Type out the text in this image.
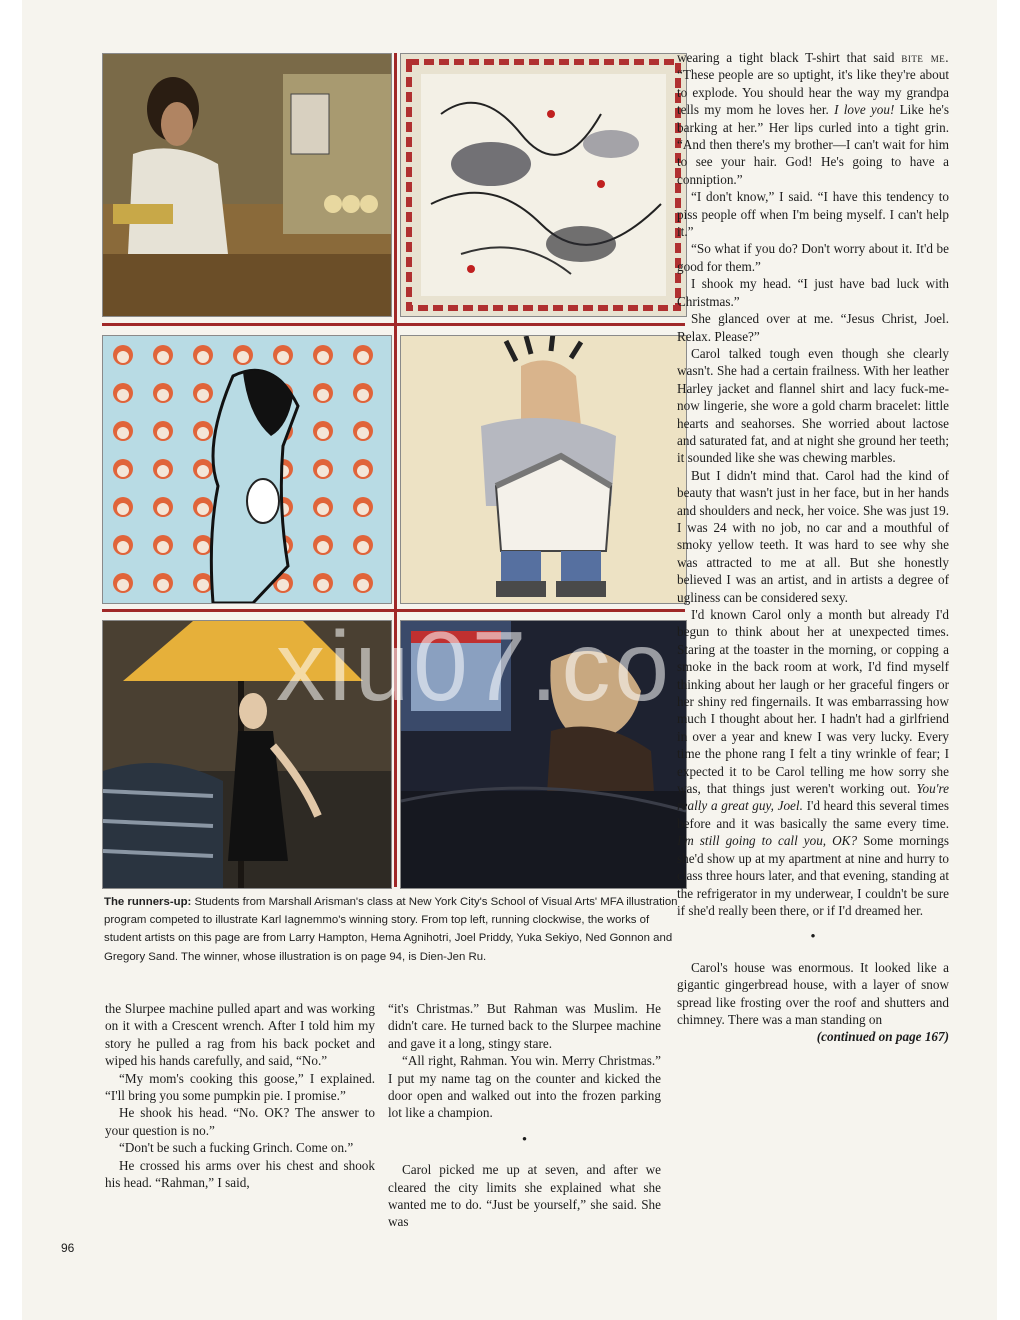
xiu07.co
The runners-up: Students from Marshall Arisman's class at New York City's School of Visual Arts' MFA illustration program competed to illustrate Karl Iagnemmo's winning story. From top left, running clockwise, the works of student artists on this page are from Larry Hampton, Hema Agnihotri, Joel Priddy, Yuka Sekiyo, Ned Gonnon and Gregory Sand. The winner, whose illustration is on page 94, is Dien-Jen Ru.

the Slurpee machine pulled apart and was working on it with a Crescent wrench. After I told him my story he pulled a rag from his back pocket and wiped his hands carefully, and said, “No.”

“My mom's cooking this goose,” I explained. “I'll bring you some pumpkin pie. I promise.”

He shook his head. “No. OK? The answer to your question is no.”

“Don't be such a fucking Grinch. Come on.”

He crossed his arms over his chest and shook his head. “Rahman,” I said,

“it's Christmas.” But Rahman was Muslim. He didn't care. He turned back to the Slurpee machine and gave it a long, stingy stare.

“All right, Rahman. You win. Merry Christmas.” I put my name tag on the counter and kicked the door open and walked out into the frozen parking lot like a champion.

•

Carol picked me up at seven, and after we cleared the city limits she explained what she wanted me to do. “Just be yourself,” she said. She was

wearing a tight black T-shirt that said bite me. “These people are so uptight, it's like they're about to explode. You should hear the way my grandpa tells my mom he loves her. I love you! Like he's barking at her.” Her lips curled into a tight grin. “And then there's my brother—I can't wait for him to see your hair. God! He's going to have a conniption.”

“I don't know,” I said. “I have this tendency to piss people off when I'm being myself. I can't help it.”

“So what if you do? Don't worry about it. It'd be good for them.”

I shook my head. “I just have bad luck with Christmas.”

She glanced over at me. “Jesus Christ, Joel. Relax. Please?”

Carol talked tough even though she clearly wasn't. She had a certain frailness. With her leather Harley jacket and flannel shirt and lacy fuck-me-now lingerie, she wore a gold charm bracelet: little hearts and seahorses. She worried about lactose and saturated fat, and at night she ground her teeth; it sounded like she was chewing marbles.

But I didn't mind that. Carol had the kind of beauty that wasn't just in her face, but in her hands and shoulders and neck, her voice. She was just 19. I was 24 with no job, no car and a mouthful of smoky yellow teeth. It was hard to see why she was attracted to me at all. But she honestly believed I was an artist, and in artists a degree of ugliness can be considered sexy.

I'd known Carol only a month but already I'd begun to think about her at unexpected times. Staring at the toaster in the morning, or copping a smoke in the back room at work, I'd find myself thinking about her laugh or her graceful fingers or her shiny red fingernails. It was embarrassing how much I thought about her. I hadn't had a girlfriend in over a year and knew I was very lucky. Every time the phone rang I felt a tiny wrinkle of fear; I expected it to be Carol telling me how sorry she was, that things just weren't working out. You're really a great guy, Joel. I'd heard this several times before and it was basically the same every time. I'm still going to call you, OK? Some mornings she'd show up at my apartment at nine and hurry to class three hours later, and that evening, standing at the refrigerator in my underwear, I couldn't be sure if she'd really been there, or if I'd dreamed her.

•

Carol's house was enormous. It looked like a gigantic gingerbread house, with a layer of snow spread like frosting over the roof and shutters and chimney. There was a man standing on

(continued on page 167)

96
